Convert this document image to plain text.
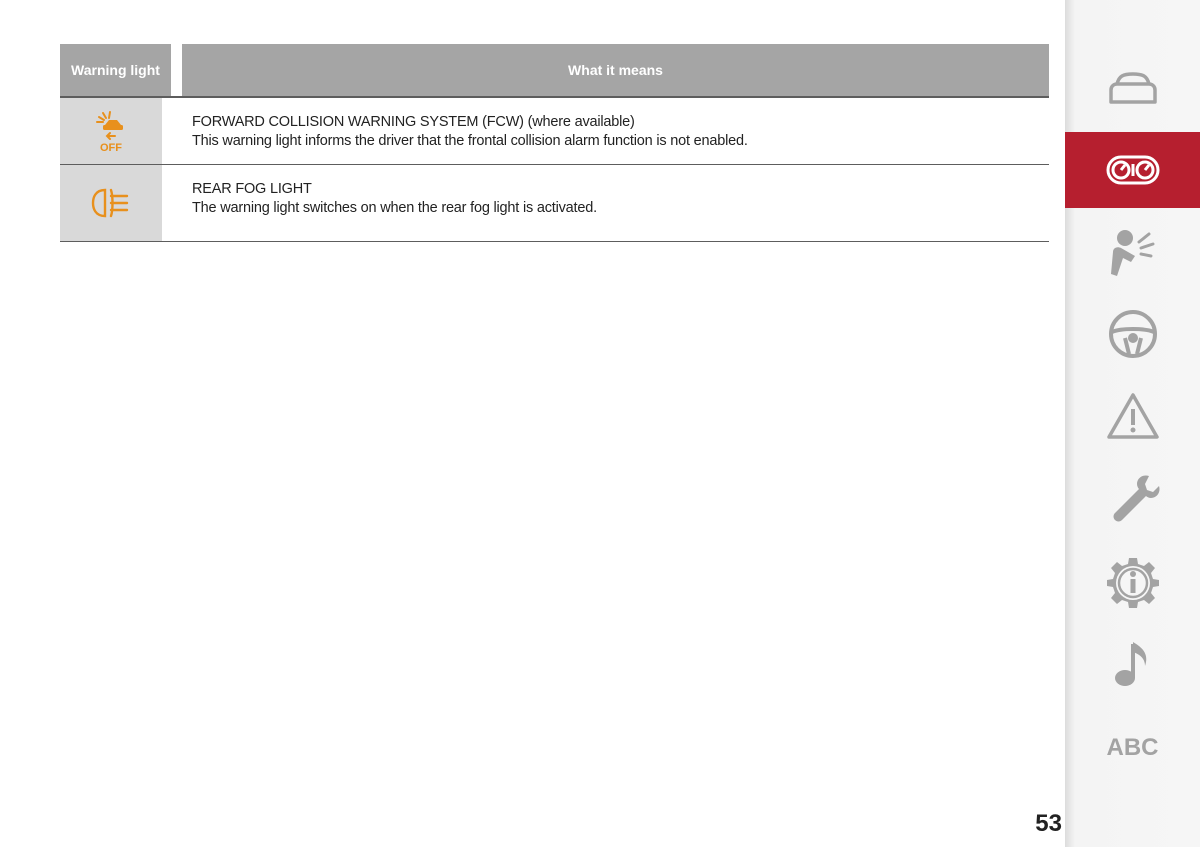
Warning light	What it means
OFF
FORWARD COLLISION WARNING SYSTEM (FCW) (where available)
This warning light informs the driver that the frontal collision alarm function is not enabled.
REAR FOG LIGHT
The warning light switches on when the rear fog light is activated.
ABC
53
